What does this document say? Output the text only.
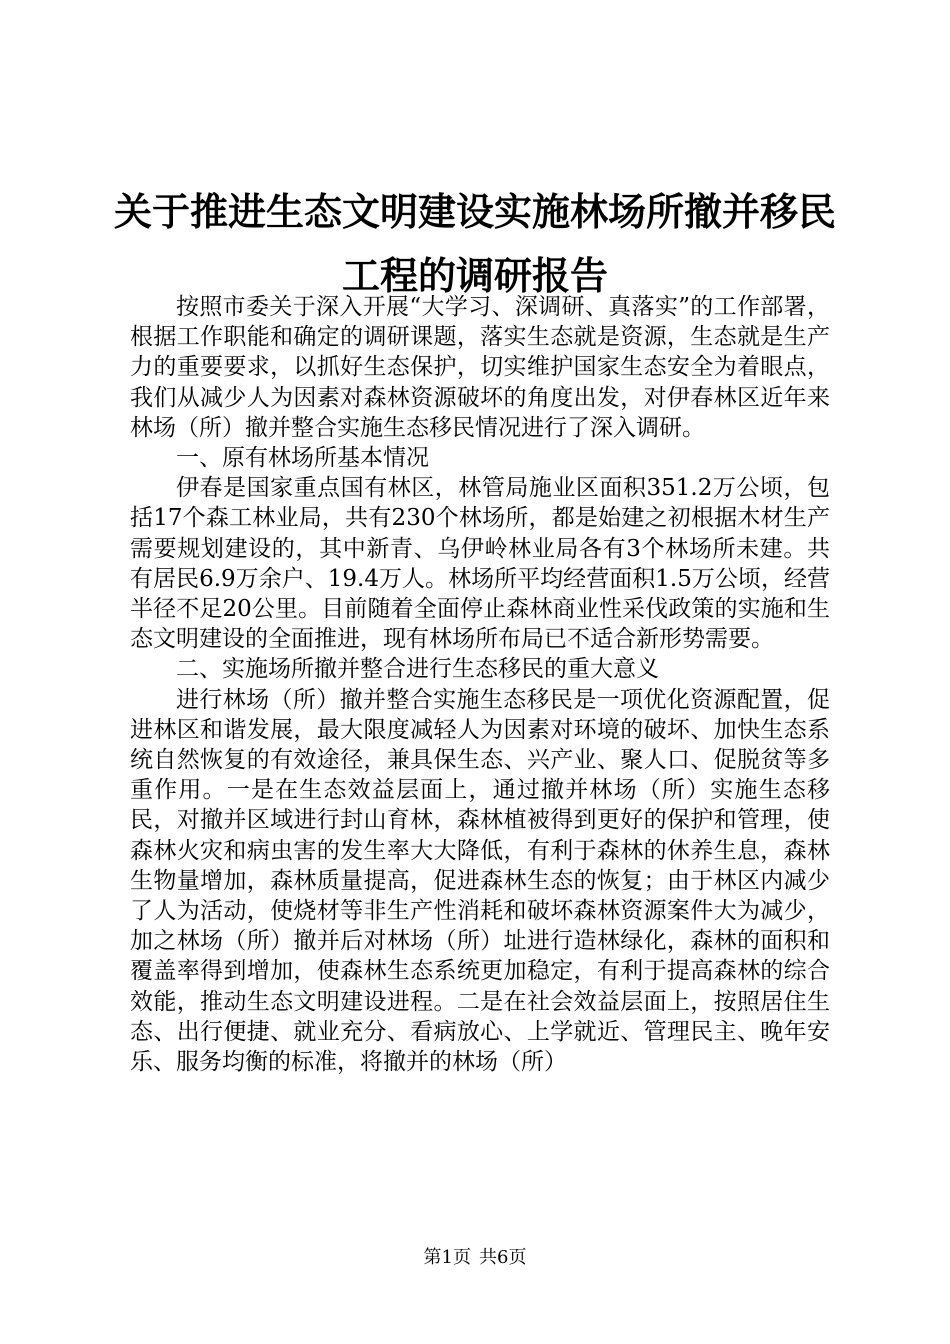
关于推进生态文明建设实施林场所撤并移民工程的调研报告

按照市委关于深入开展“大学习、深调研、真落实”的工作部署，根据工作职能和确定的调研课题，落实生态就是资源，生态就是生产力的重要要求，以抓好生态保护，切实维护国家生态安全为着眼点，我们从减少人为因素对森林资源破坏的角度出发，对伊春林区近年来林场（所）撤并整合实施生态移民情况进行了深入调研。

一、原有林场所基本情况

伊春是国家重点国有林区，林管局施业区面积351.2万公顷，包括17个森工林业局，共有230个林场所，都是始建之初根据木材生产需要规划建设的，其中新青、乌伊岭林业局各有3个林场所未建。共有居民6.9万余户、19.4万人。林场所平均经营面积1.5万公顷，经营半径不足20公里。目前随着全面停止森林商业性采伐政策的实施和生态文明建设的全面推进，现有林场所布局已不适合新形势需要。

二、实施场所撤并整合进行生态移民的重大意义

进行林场（所）撤并整合实施生态移民是一项优化资源配置，促进林区和谐发展，最大限度减轻人为因素对环境的破坏、加快生态系统自然恢复的有效途径，兼具保生态、兴产业、聚人口、促脱贫等多重作用。一是在生态效益层面上，通过撤并林场（所）实施生态移民，对撤并区域进行封山育林，森林植被得到更好的保护和管理，使森林火灾和病虫害的发生率大大降低，有利于森林的休养生息，森林生物量增加，森林质量提高，促进森林生态的恢复；由于林区内减少了人为活动，使烧材等非生产性消耗和破坏森林资源案件大为减少，加之林场（所）撤并后对林场（所）址进行造林绿化，森林的面积和覆盖率得到增加，使森林生态系统更加稳定，有利于提高森林的综合效能，推动生态文明建设进程。二是在社会效益层面上，按照居住生态、出行便捷、就业充分、看病放心、上学就近、管理民主、晚年安乐、服务均衡的标准，将撤并的林场（所）

第1页 共6页
